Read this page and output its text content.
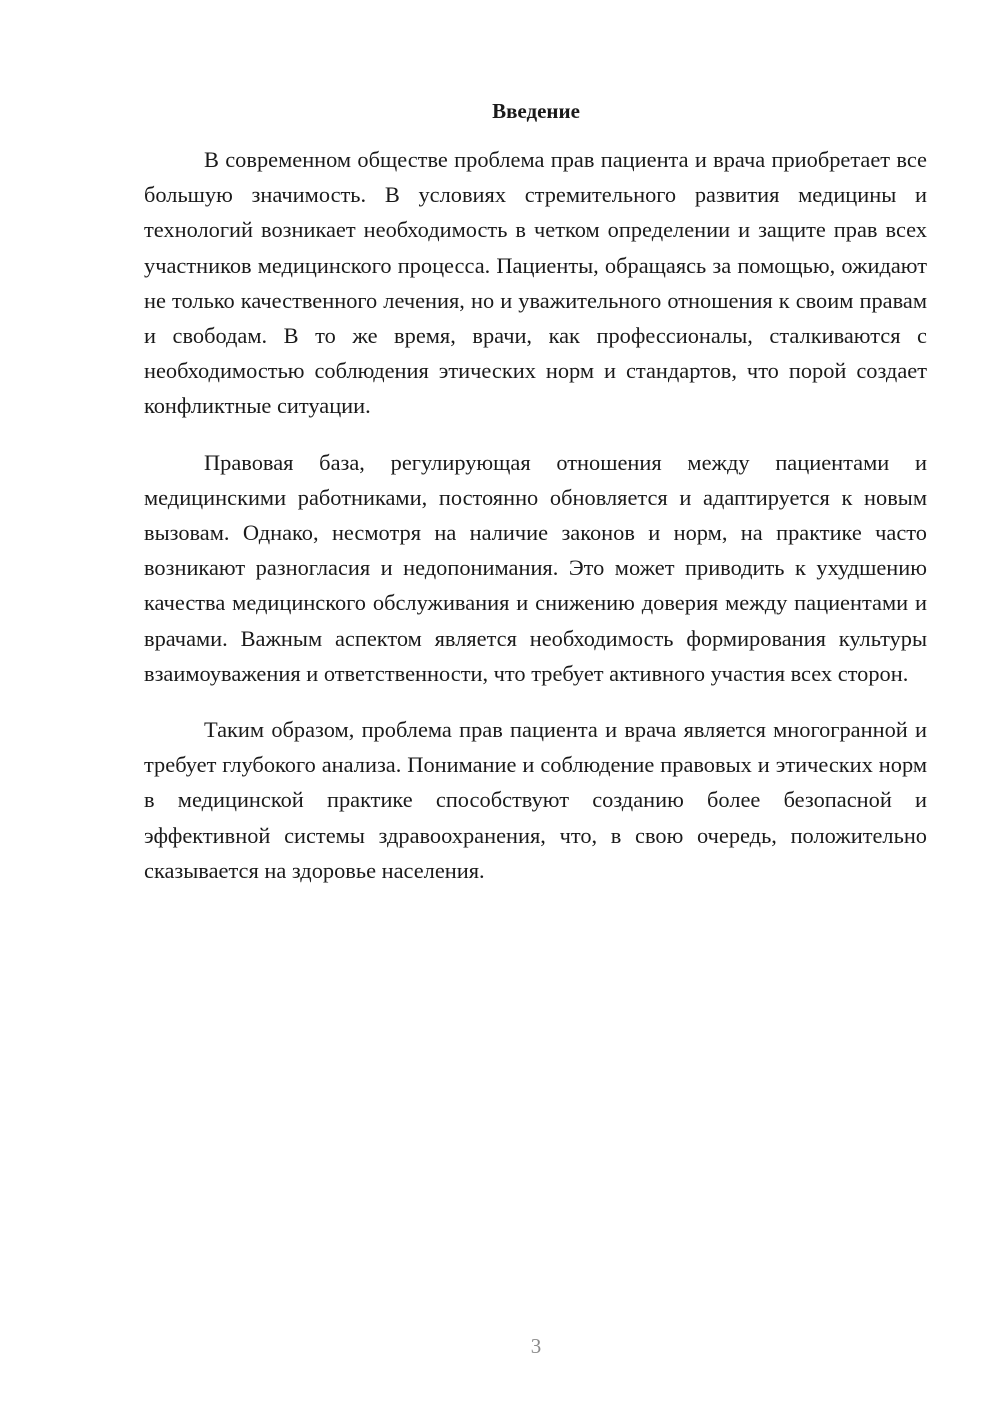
Введение

В современном обществе проблема прав пациента и врача приобретает все большую значимость. В условиях стремительного развития медицины и технологий возникает необходимость в четком определении и защите прав всех участников медицинского процесса. Пациенты, обращаясь за помощью, ожидают не только качественного лечения, но и уважительного отношения к своим правам и свободам. В то же время, врачи, как профессионалы, сталкиваются с необходимостью соблюдения этических норм и стандартов, что порой создает конфликтные ситуации.

Правовая база, регулирующая отношения между пациентами и медицинскими работниками, постоянно обновляется и адаптируется к новым вызовам. Однако, несмотря на наличие законов и норм, на практике часто возникают разногласия и недопонимания. Это может приводить к ухудшению качества медицинского обслуживания и снижению доверия между пациентами и врачами. Важным аспектом является необходимость формирования культуры взаимоуважения и ответственности, что требует активного участия всех сторон.

Таким образом, проблема прав пациента и врача является многогранной и требует глубокого анализа. Понимание и соблюдение правовых и этических норм в медицинской практике способствуют созданию более безопасной и эффективной системы здравоохранения, что, в свою очередь, положительно сказывается на здоровье населения.

3
